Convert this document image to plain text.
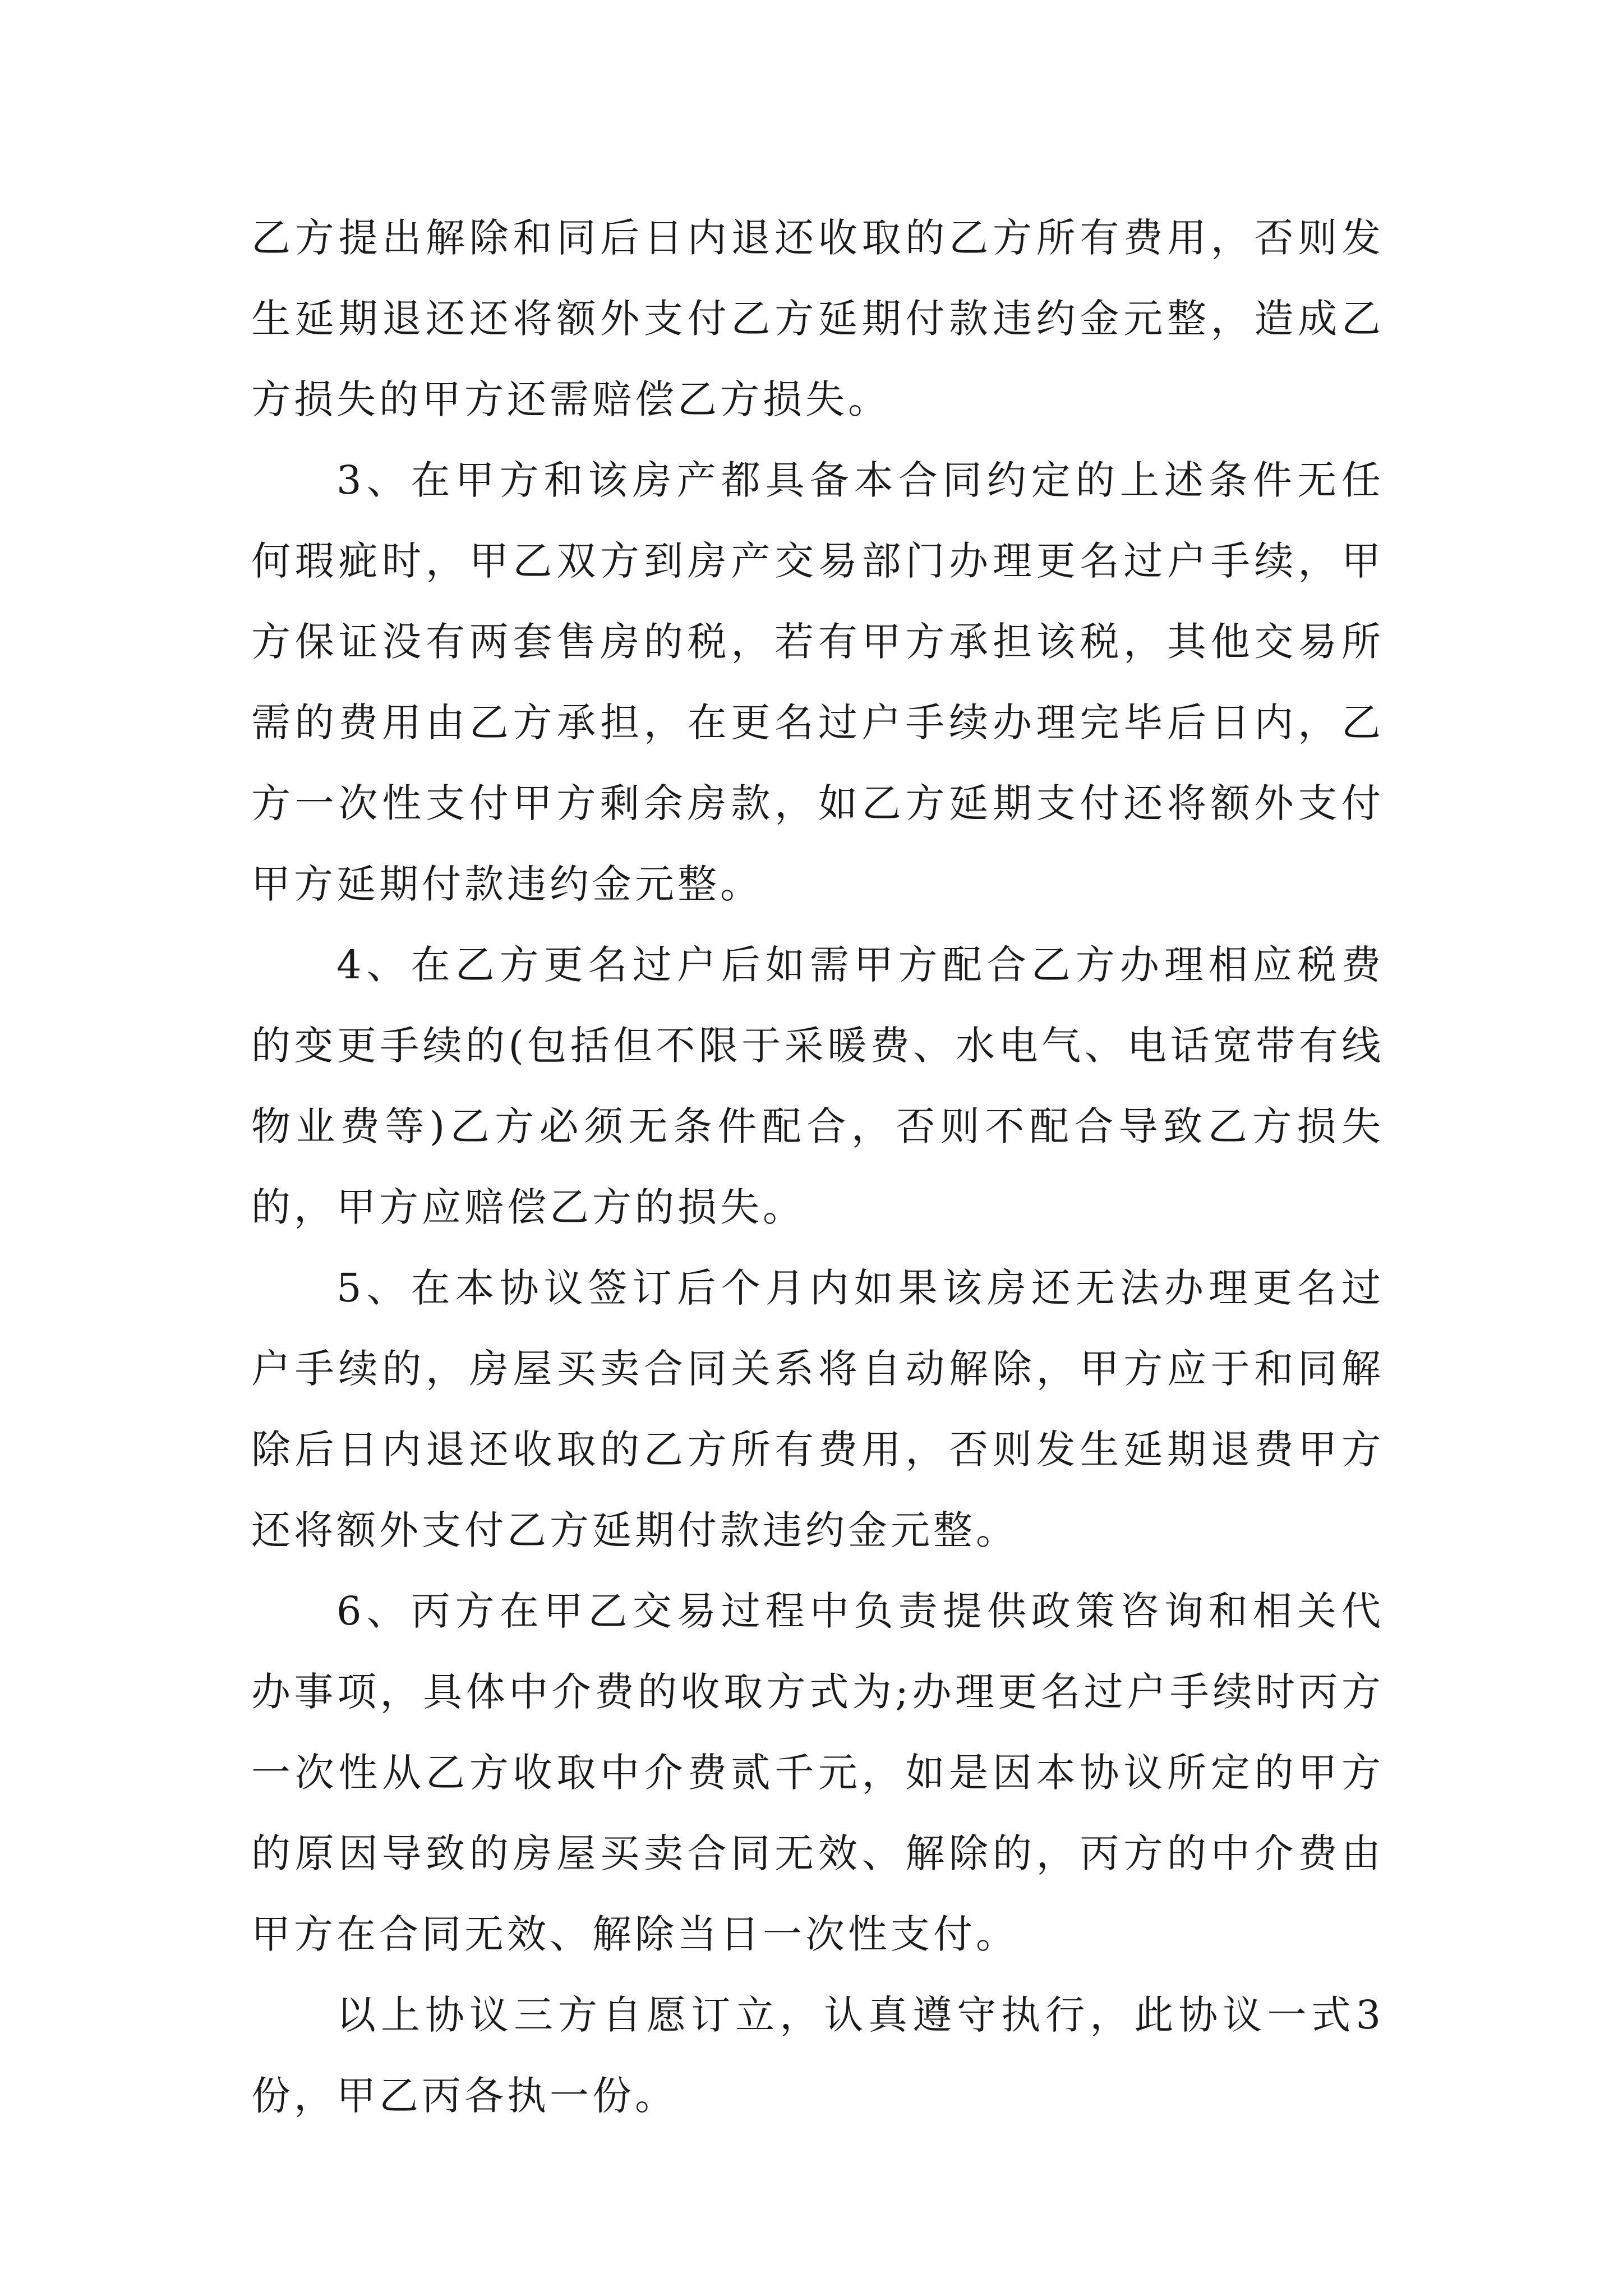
乙方提出解除和同后日内退还收取的乙方所有费用，否则发生延期退还还将额外支付乙方延期付款违约金元整，造成乙方损失的甲方还需赔偿乙方损失。

3、在甲方和该房产都具备本合同约定的上述条件无任何瑕疵时，甲乙双方到房产交易部门办理更名过户手续，甲方保证没有两套售房的税，若有甲方承担该税，其他交易所需的费用由乙方承担，在更名过户手续办理完毕后日内，乙方一次性支付甲方剩余房款，如乙方延期支付还将额外支付甲方延期付款违约金元整。

4、在乙方更名过户后如需甲方配合乙方办理相应税费的变更手续的(包括但不限于采暖费、水电气、电话宽带有线物业费等)乙方必须无条件配合，否则不配合导致乙方损失的，甲方应赔偿乙方的损失。

5、在本协议签订后个月内如果该房还无法办理更名过户手续的，房屋买卖合同关系将自动解除，甲方应于和同解除后日内退还收取的乙方所有费用，否则发生延期退费甲方还将额外支付乙方延期付款违约金元整。

6、丙方在甲乙交易过程中负责提供政策咨询和相关代办事项，具体中介费的收取方式为;办理更名过户手续时丙方一次性从乙方收取中介费贰千元，如是因本协议所定的甲方的原因导致的房屋买卖合同无效、解除的，丙方的中介费由甲方在合同无效、解除当日一次性支付。

以上协议三方自愿订立，认真遵守执行，此协议一式3份，甲乙丙各执一份。
